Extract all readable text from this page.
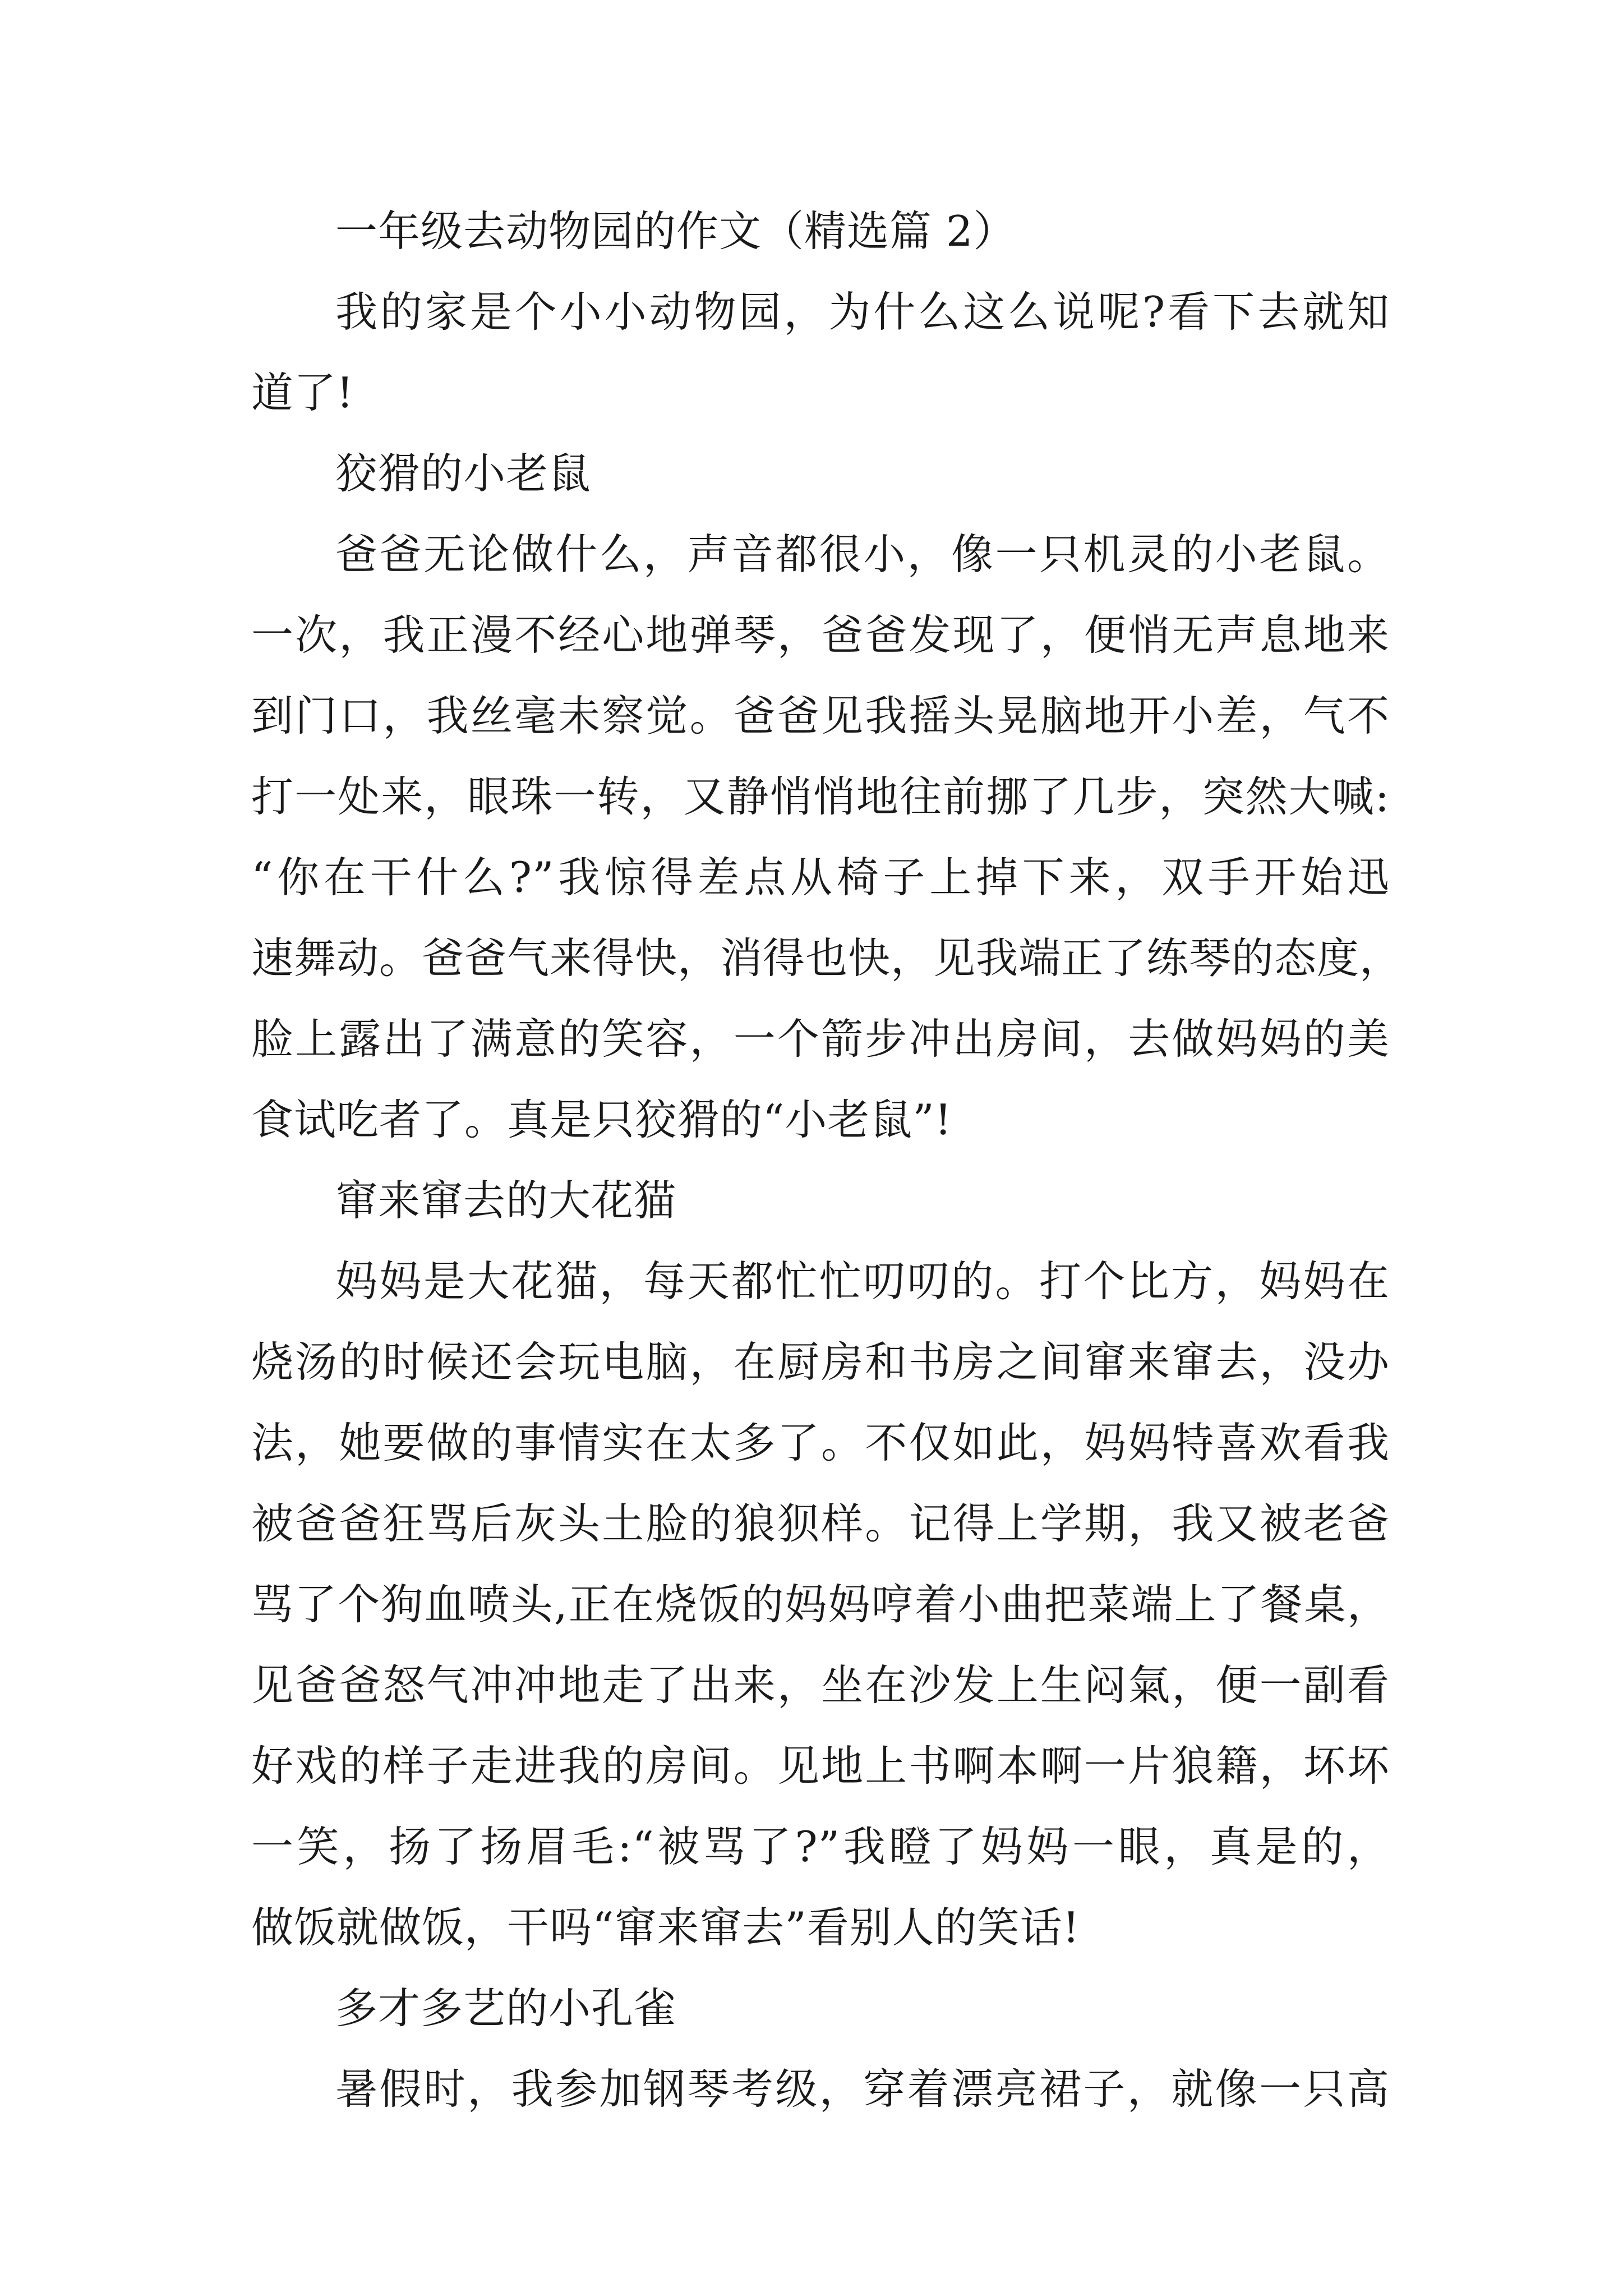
一年级去动物园的作文（精选篇 2）
我的家是个小小动物园，为什么这么说呢?看下去就知
道了!
狡猾的小老鼠
爸爸无论做什么，声音都很小，像一只机灵的小老鼠。
一次，我正漫不经心地弹琴，爸爸发现了，便悄无声息地来
到门口，我丝毫未察觉。爸爸见我摇头晃脑地开小差，气不
打一处来，眼珠一转，又静悄悄地往前挪了几步，突然大喊:
“你在干什么?”我惊得差点从椅子上掉下来，双手开始迅
速舞动。爸爸气来得快，消得也快，见我端正了练琴的态度，
脸上露出了满意的笑容，一个箭步冲出房间，去做妈妈的美
食试吃者了。真是只狡猾的“小老鼠”!
窜来窜去的大花猫
妈妈是大花猫，每天都忙忙叨叨的。打个比方，妈妈在
烧汤的时候还会玩电脑，在厨房和书房之间窜来窜去，没办
法，她要做的事情实在太多了。不仅如此，妈妈特喜欢看我
被爸爸狂骂后灰头土脸的狼狈样。记得上学期，我又被老爸
骂了个狗血喷头,正在烧饭的妈妈哼着小曲把菜端上了餐桌，
见爸爸怒气冲冲地走了出来，坐在沙发上生闷氣，便一副看
好戏的样子走进我的房间。见地上书啊本啊一片狼籍，坏坏
一笑，扬了扬眉毛:“被骂了?”我瞪了妈妈一眼，真是的，
做饭就做饭，干吗“窜来窜去”看别人的笑话!
多才多艺的小孔雀
暑假时，我参加钢琴考级，穿着漂亮裙子，就像一只高
